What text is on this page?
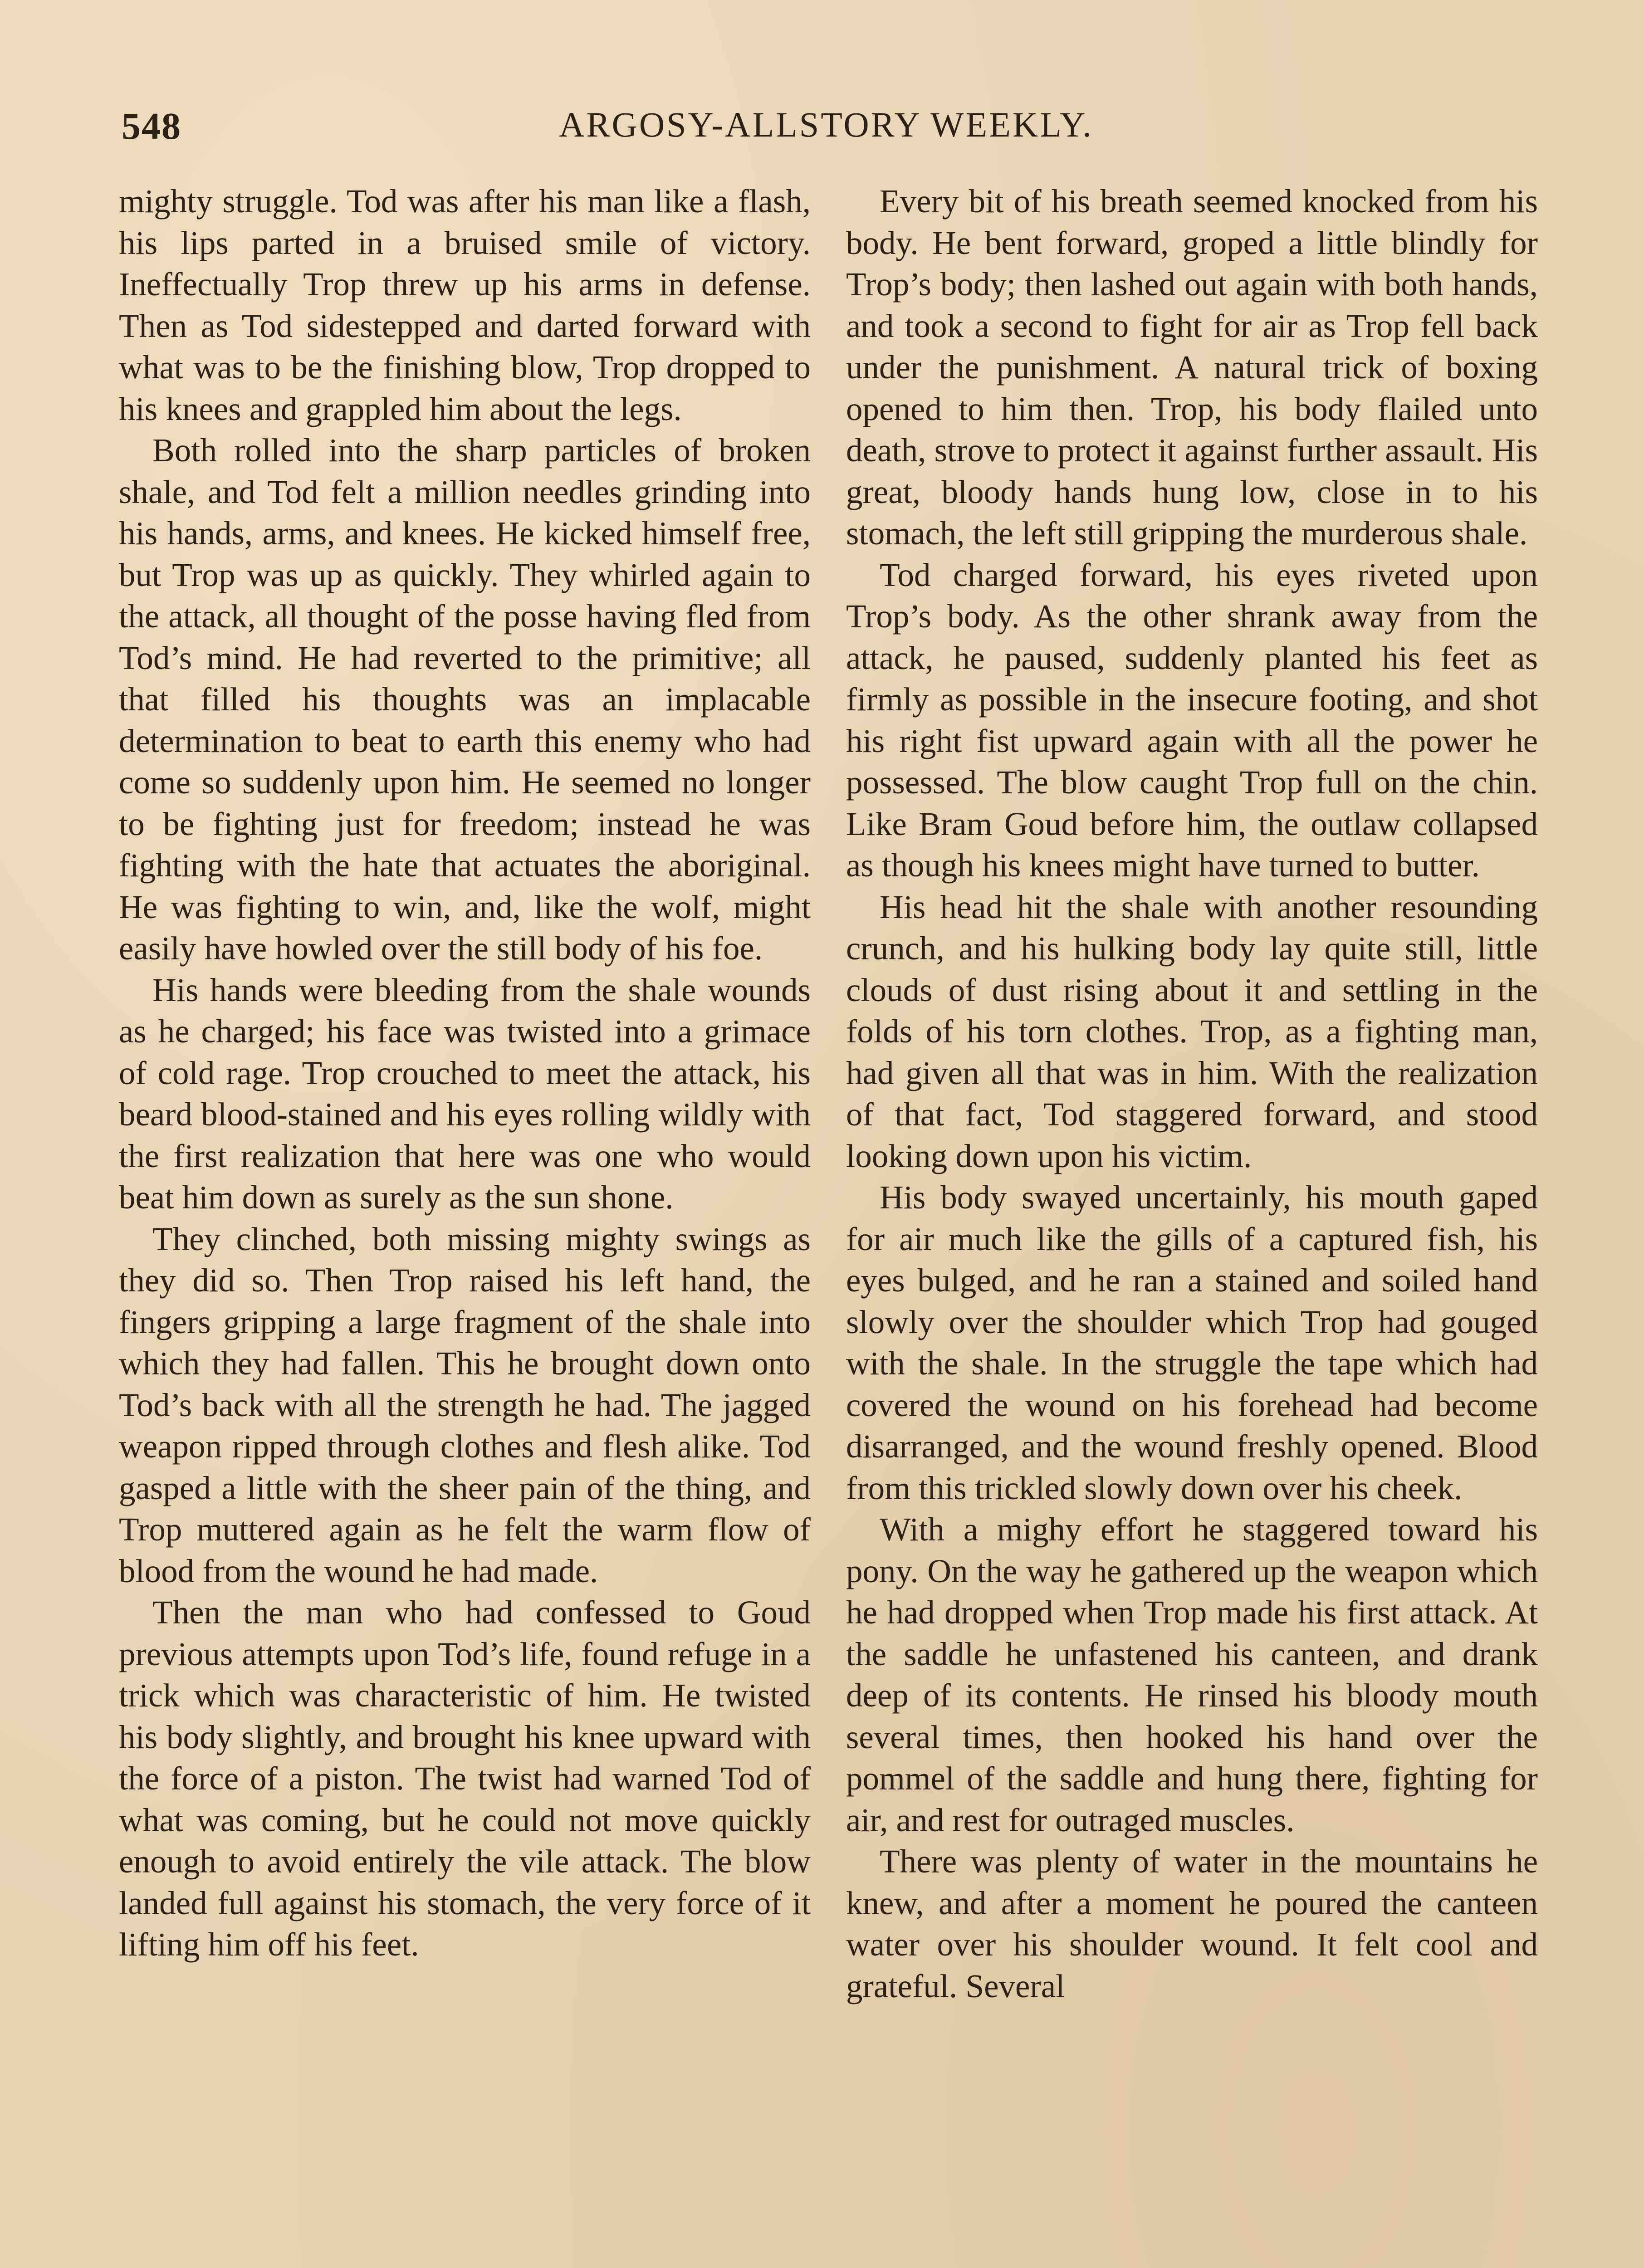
548	ARGOSY-ALLSTORY WEEKLY.

mighty struggle. Tod was after his man like a flash, his lips parted in a bruised smile of victory. Ineffectually Trop threw up his arms in defense. Then as Tod sidestepped and darted forward with what was to be the finishing blow, Trop dropped to his knees and grappled him about the legs.

Both rolled into the sharp particles of broken shale, and Tod felt a million needles grinding into his hands, arms, and knees. He kicked himself free, but Trop was up as quickly. They whirled again to the attack, all thought of the posse having fled from Tod’s mind. He had reverted to the primitive; all that filled his thoughts was an implacable determination to beat to earth this enemy who had come so suddenly upon him. He seemed no longer to be fighting just for freedom; instead he was fighting with the hate that actuates the aboriginal. He was fighting to win, and, like the wolf, might easily have howled over the still body of his foe.

His hands were bleeding from the shale wounds as he charged; his face was twisted into a grimace of cold rage. Trop crouched to meet the attack, his beard blood-stained and his eyes rolling wildly with the first realization that here was one who would beat him down as surely as the sun shone.

They clinched, both missing mighty swings as they did so. Then Trop raised his left hand, the fingers gripping a large fragment of the shale into which they had fallen. This he brought down onto Tod’s back with all the strength he had. The jagged weapon ripped through clothes and flesh alike. Tod gasped a little with the sheer pain of the thing, and Trop muttered again as he felt the warm flow of blood from the wound he had made.

Then the man who had confessed to Goud previous attempts upon Tod’s life, found refuge in a trick which was characteristic of him. He twisted his body slightly, and brought his knee upward with the force of a piston. The twist had warned Tod of what was coming, but he could not move quickly enough to avoid entirely the vile attack. The blow landed full against his stomach, the very force of it lifting him off his feet.

Every bit of his breath seemed knocked from his body. He bent forward, groped a little blindly for Trop’s body; then lashed out again with both hands, and took a second to fight for air as Trop fell back under the punishment. A natural trick of boxing opened to him then. Trop, his body flailed unto death, strove to protect it against further assault. His great, bloody hands hung low, close in to his stomach, the left still gripping the murderous shale.

Tod charged forward, his eyes riveted upon Trop’s body. As the other shrank away from the attack, he paused, suddenly planted his feet as firmly as possible in the insecure footing, and shot his right fist upward again with all the power he possessed. The blow caught Trop full on the chin. Like Bram Goud before him, the outlaw collapsed as though his knees might have turned to butter.

His head hit the shale with another resounding crunch, and his hulking body lay quite still, little clouds of dust rising about it and settling in the folds of his torn clothes. Trop, as a fighting man, had given all that was in him. With the realization of that fact, Tod staggered forward, and stood looking down upon his victim.

His body swayed uncertainly, his mouth gaped for air much like the gills of a captured fish, his eyes bulged, and he ran a stained and soiled hand slowly over the shoulder which Trop had gouged with the shale. In the struggle the tape which had covered the wound on his forehead had become disarranged, and the wound freshly opened. Blood from this trickled slowly down over his cheek.

With a mighy effort he staggered toward his pony. On the way he gathered up the weapon which he had dropped when Trop made his first attack. At the saddle he unfastened his canteen, and drank deep of its contents. He rinsed his bloody mouth several times, then hooked his hand over the pommel of the saddle and hung there, fighting for air, and rest for outraged muscles.

There was plenty of water in the mountains he knew, and after a moment he poured the canteen water over his shoulder wound. It felt cool and grateful. Several
